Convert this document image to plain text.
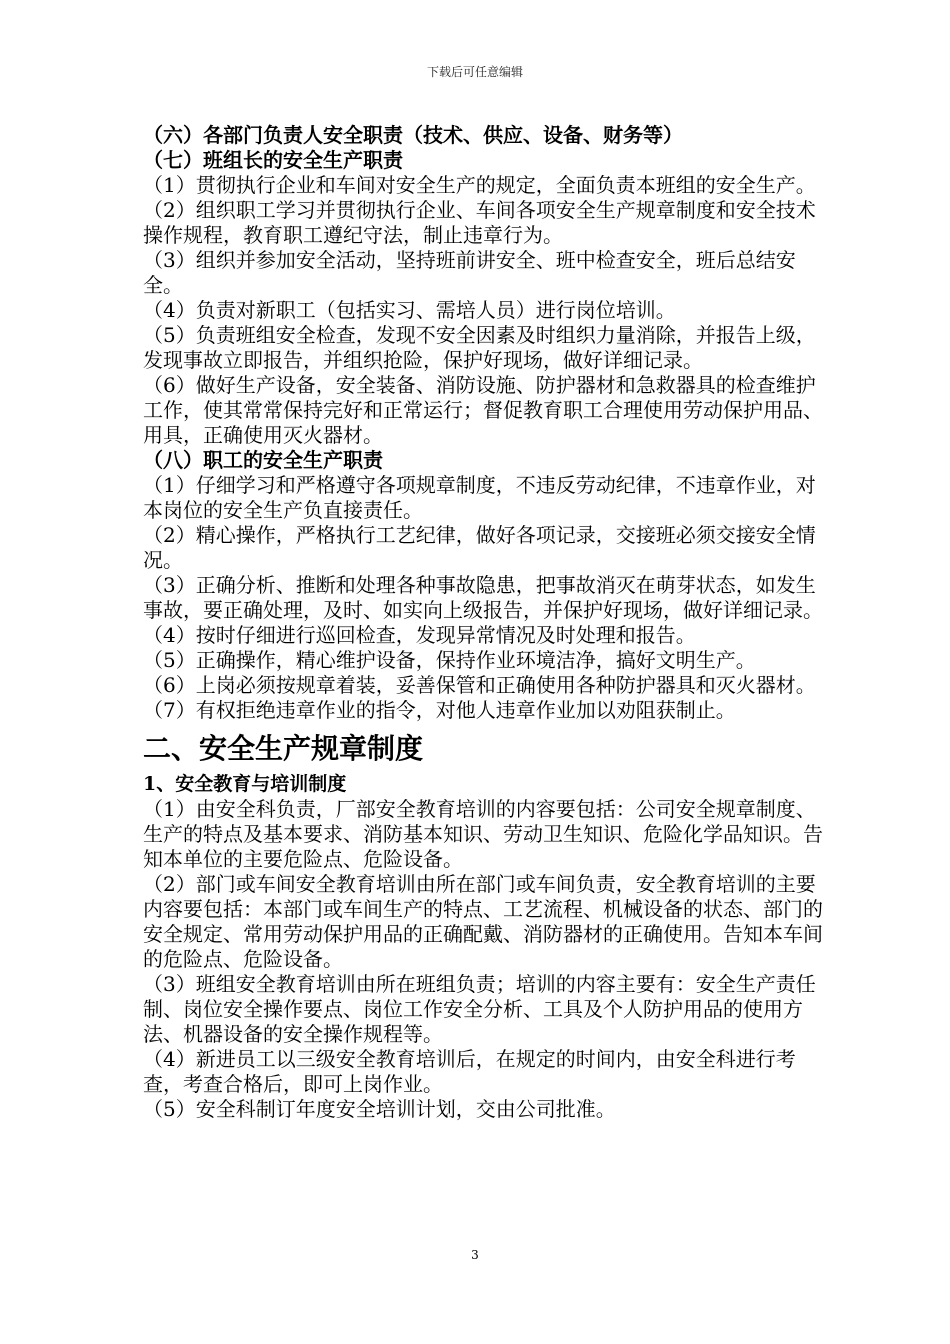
下载后可任意编辑

（六）各部门负责人安全职责（技术、供应、设备、财务等）

（七）班组长的安全生产职责

（1）贯彻执行企业和车间对安全生产的规定，全面负责本班组的安全生产。

（2）组织职工学习并贯彻执行企业、车间各项安全生产规章制度和安全技术操作规程，教育职工遵纪守法，制止违章行为。

（3）组织并参加安全活动，坚持班前讲安全、班中检查安全，班后总结安全。

（4）负责对新职工（包括实习、需培人员）进行岗位培训。

（5）负责班组安全检查，发现不安全因素及时组织力量消除，并报告上级，发现事故立即报告，并组织抢险，保护好现场，做好详细记录。

（6）做好生产设备，安全装备、消防设施、防护器材和急救器具的检查维护工作，使其常常保持完好和正常运行；督促教育职工合理使用劳动保护用品、用具，正确使用灭火器材。

（八）职工的安全生产职责

（1）仔细学习和严格遵守各项规章制度，不违反劳动纪律，不违章作业，对本岗位的安全生产负直接责任。

（2）精心操作，严格执行工艺纪律，做好各项记录，交接班必须交接安全情况。

（3）正确分析、推断和处理各种事故隐患，把事故消灭在萌芽状态，如发生事故，要正确处理，及时、如实向上级报告，并保护好现场，做好详细记录。

（4）按时仔细进行巡回检查，发现异常情况及时处理和报告。

（5）正确操作，精心维护设备，保持作业环境洁净，搞好文明生产。

（6）上岗必须按规章着装，妥善保管和正确使用各种防护器具和灭火器材。

（7）有权拒绝违章作业的指令，对他人违章作业加以劝阻获制止。

二、安全生产规章制度

1、安全教育与培训制度

（1）由安全科负责，厂部安全教育培训的内容要包括：公司安全规章制度、生产的特点及基本要求、消防基本知识、劳动卫生知识、危险化学品知识。告知本单位的主要危险点、危险设备。

（2）部门或车间安全教育培训由所在部门或车间负责，安全教育培训的主要内容要包括：本部门或车间生产的特点、工艺流程、机械设备的状态、部门的安全规定、常用劳动保护用品的正确配戴、消防器材的正确使用。告知本车间的危险点、危险设备。

（3）班组安全教育培训由所在班组负责；培训的内容主要有：安全生产责任制、岗位安全操作要点、岗位工作安全分析、工具及个人防护用品的使用方法、机器设备的安全操作规程等。

（4）新进员工以三级安全教育培训后，在规定的时间内，由安全科进行考查，考查合格后，即可上岗作业。

（5）安全科制订年度安全培训计划，交由公司批准。

3
